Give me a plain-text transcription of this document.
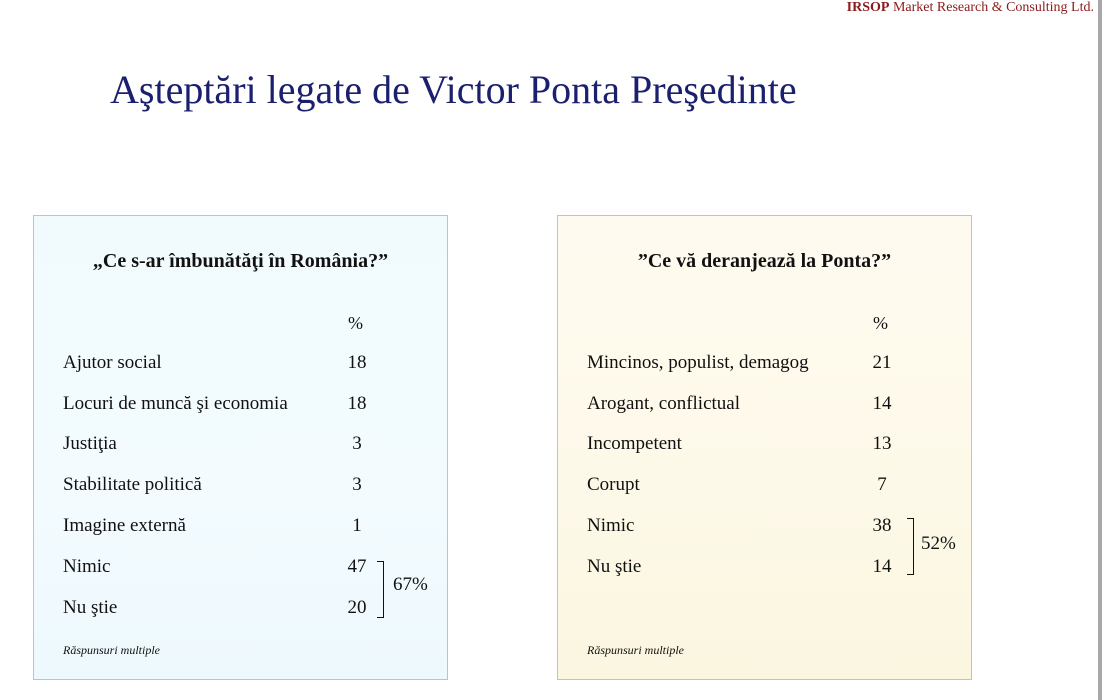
IRSOP Market Research & Consulting Ltd.
Aşteptări legate de Victor Ponta Preşedinte
„Ce s-ar îmbunătăţi în România?”
%
Ajutor social	18
Locuri de muncă şi economia	18
Justiţia	3
Stabilitate politică	3
Imagine externă	1
Nimic	47
Nu ştie	20
67%
Răspunsuri multiple
”Ce vă deranjează la Ponta?”
%
Mincinos, populist, demagog	21
Arogant, conflictual	14
Incompetent	13
Corupt	7
Nimic	38
Nu ştie	14
52%
Răspunsuri multiple
